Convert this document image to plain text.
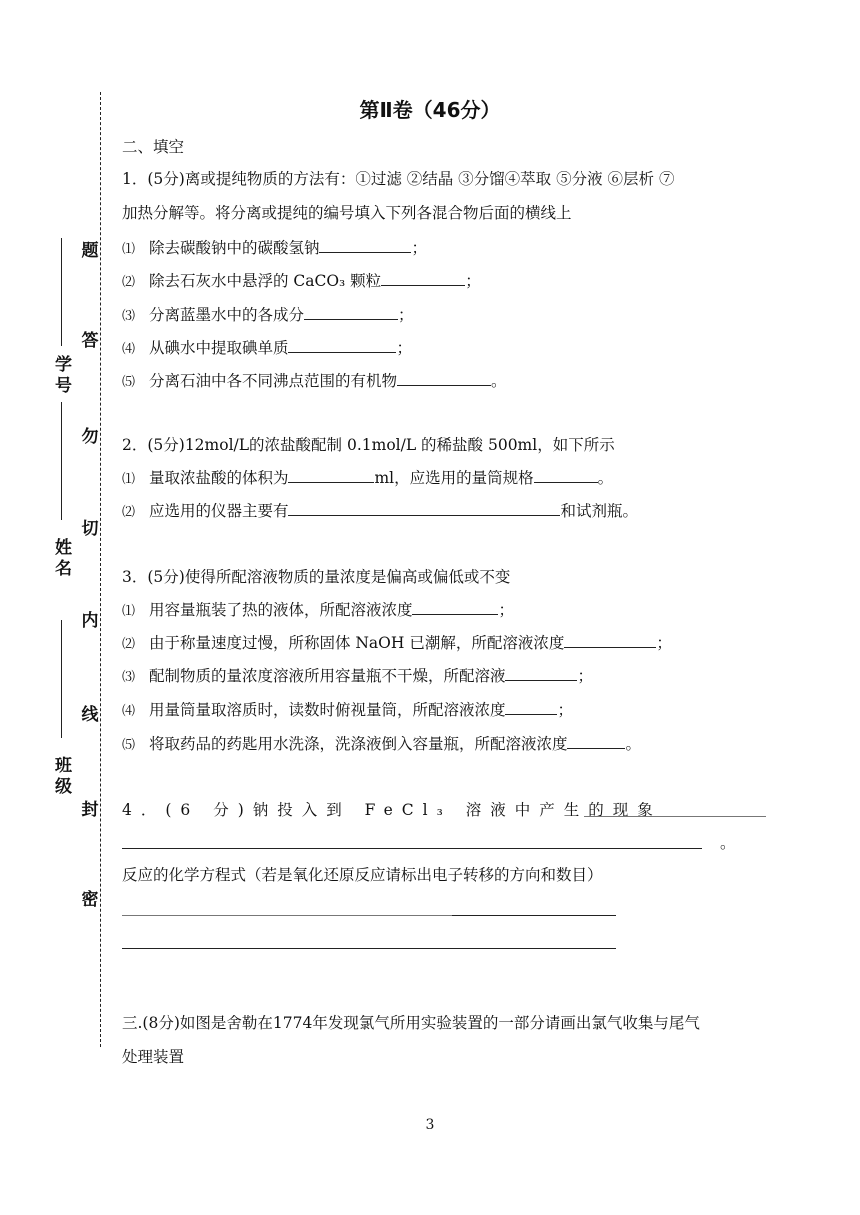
学号
姓名
班级
题
答
勿
切
内
线
封
密
第Ⅱ卷（46分）
二、填空
1．(5分)离或提纯物质的方法有：①过滤 ②结晶 ③分馏④萃取 ⑤分液 ⑥层析 ⑦
加热分解等。将分离或提纯的编号填入下列各混合物后面的横线上
⑴ 除去碳酸钠中的碳酸氢钠	；
⑵ 除去石灰水中悬浮的 CaCO₃ 颗粒	；
⑶ 分离蓝墨水中的各成分	；
⑷ 从碘水中提取碘单质	；
⑸ 分离石油中各不同沸点范围的有机物	。
2．(5分)12mol/L的浓盐酸配制 0.1mol/L 的稀盐酸 500ml，如下所示
⑴ 量取浓盐酸的体积为	ml，应选用的量筒规格	。
⑵ 应选用的仪器主要有	和试剂瓶。
3．(5分)使得所配溶液物质的量浓度是偏高或偏低或不变
⑴ 用容量瓶装了热的液体，所配溶液浓度	；
⑵ 由于称量速度过慢，所称固体 NaOH 已潮解，所配溶液浓度	；
⑶ 配制物质的量浓度溶液所用容量瓶不干燥，所配溶液	；
⑷ 用量筒量取溶质时，读数时俯视量筒，所配溶液浓度	；
⑸ 将取药品的药匙用水洗涤，洗涤液倒入容量瓶，所配溶液浓度	。
4．(6 分)钠投入到 FeCl₃ 溶液中产生的现象
。
反应的化学方程式（若是氧化还原反应请标出电子转移的方向和数目）
三.(8分)如图是舍勒在1774年发现氯气所用实验装置的一部分请画出氯气收集与尾气
处理装置
3
